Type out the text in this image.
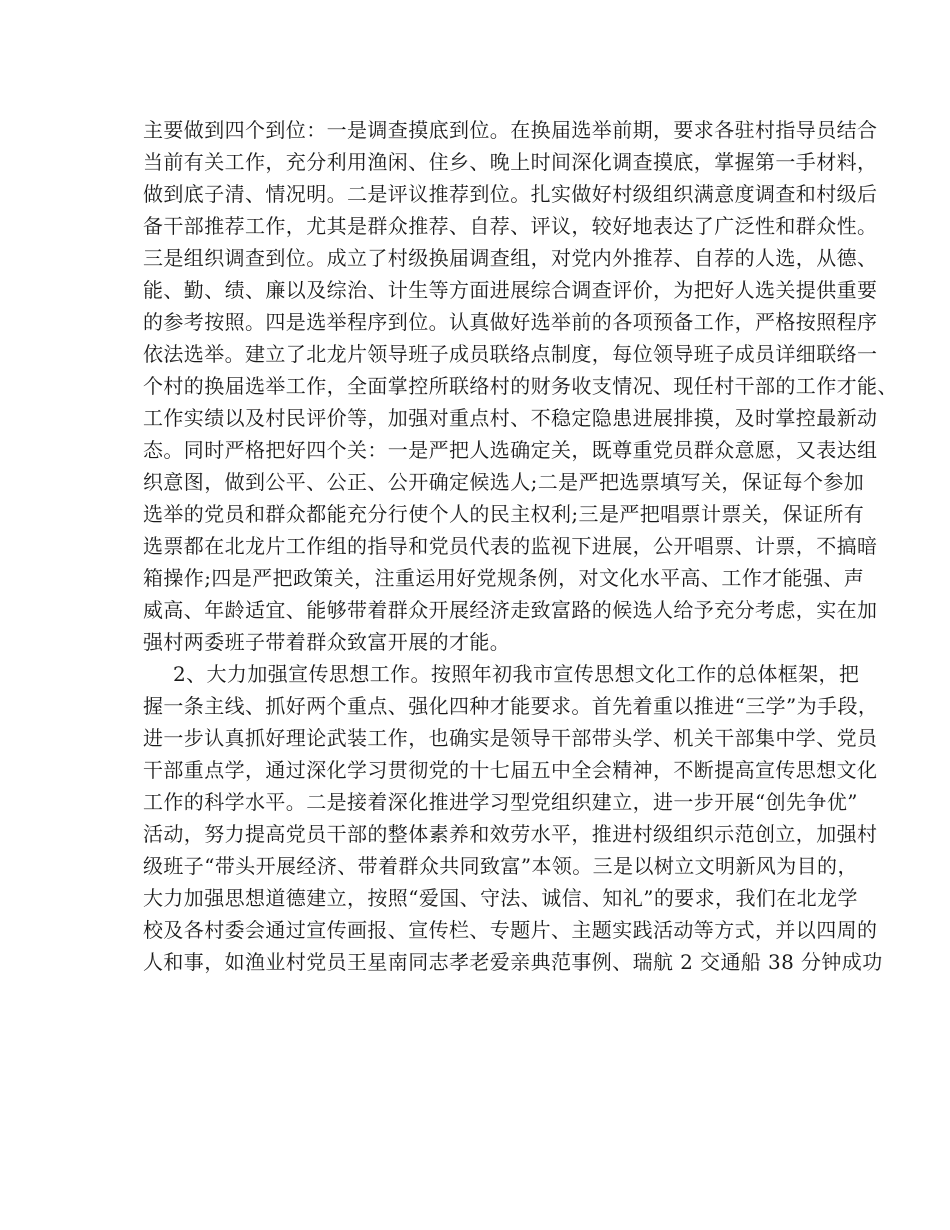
主要做到四个到位：一是调查摸底到位。在换届选举前期，要求各驻村指导员结合
当前有关工作，充分利用渔闲、住乡、晚上时间深化调查摸底，掌握第一手材料，
做到底子清、情况明。二是评议推荐到位。扎实做好村级组织满意度调查和村级后
备干部推荐工作，尤其是群众推荐、自荐、评议，较好地表达了广泛性和群众性。
三是组织调查到位。成立了村级换届调查组，对党内外推荐、自荐的人选，从德、
能、勤、绩、廉以及综治、计生等方面进展综合调查评价，为把好人选关提供重要
的参考按照。四是选举程序到位。认真做好选举前的各项预备工作，严格按照程序
依法选举。建立了北龙片领导班子成员联络点制度，每位领导班子成员详细联络一
个村的换届选举工作，全面掌控所联络村的财务收支情况、现任村干部的工作才能、
工作实绩以及村民评价等，加强对重点村、不稳定隐患进展排摸，及时掌控最新动
态。同时严格把好四个关：一是严把人选确定关，既尊重党员群众意愿，又表达组
织意图，做到公平、公正、公开确定候选人;二是严把选票填写关，保证每个参加
选举的党员和群众都能充分行使个人的民主权利;三是严把唱票计票关，保证所有
选票都在北龙片工作组的指导和党员代表的监视下进展，公开唱票、计票，不搞暗
箱操作;四是严把政策关，注重运用好党规条例，对文化水平高、工作才能强、声
威高、年龄适宜、能够带着群众开展经济走致富路的候选人给予充分考虑，实在加
强村两委班子带着群众致富开展的才能。
2、大力加强宣传思想工作。按照年初我市宣传思想文化工作的总体框架，把
握一条主线、抓好两个重点、强化四种才能要求。首先着重以推进“三学”为手段，
进一步认真抓好理论武装工作，也确实是领导干部带头学、机关干部集中学、党员
干部重点学，通过深化学习贯彻党的十七届五中全会精神，不断提高宣传思想文化
工作的科学水平。二是接着深化推进学习型党组织建立，进一步开展“创先争优”
活动，努力提高党员干部的整体素养和效劳水平，推进村级组织示范创立，加强村
级班子“带头开展经济、带着群众共同致富”本领。三是以树立文明新风为目的，
大力加强思想道德建立，按照“爱国、守法、诚信、知礼”的要求，我们在北龙学
校及各村委会通过宣传画报、宣传栏、专题片、主题实践活动等方式，并以四周的
人和事，如渔业村党员王星南同志孝老爱亲典范事例、瑞航 2 交通船 38 分钟成功
